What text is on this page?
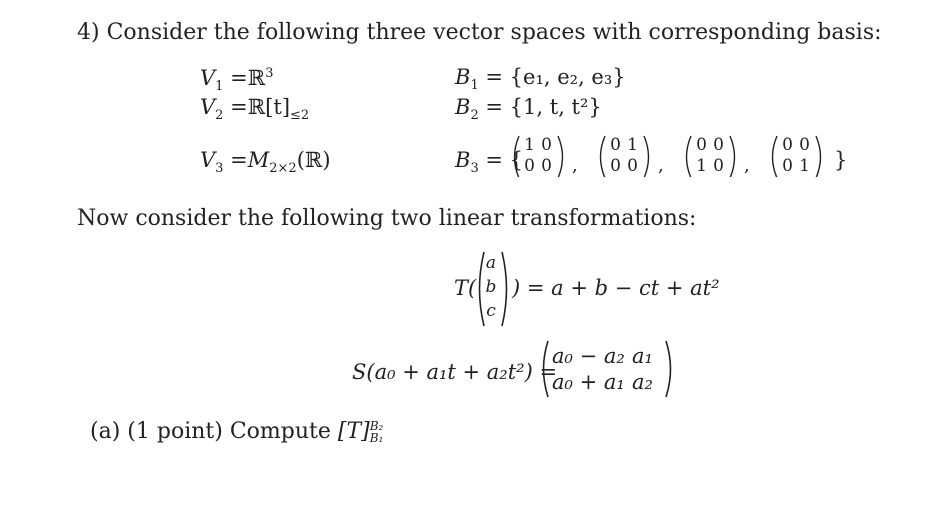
4) Consider the following three vector spaces with corresponding basis:
$V_1$ =ℝ$^3$
$V_2$ $=ℝ[t]_{\le 2}$
$V_3$ $=M_{2\times 2}(ℝ)$
$B_1 = \{e_1$, e₂, e₃}
$B_2 = \{1$, t, t²}
$B_3$ = {
1 0
0 0 ,
0 1
0 0 ,
0 0
1 0 ,
0 0
0 1 }
Now consider the following two linear transformations:
T(
a
b
c
) = a + b − ct + at²
S(a₀ + a₁t + a₂t²) =
a₀ − a₂ a₁
a₀ + a₁ a₂
(a) (1 point) Compute [T] B₂
B₁
